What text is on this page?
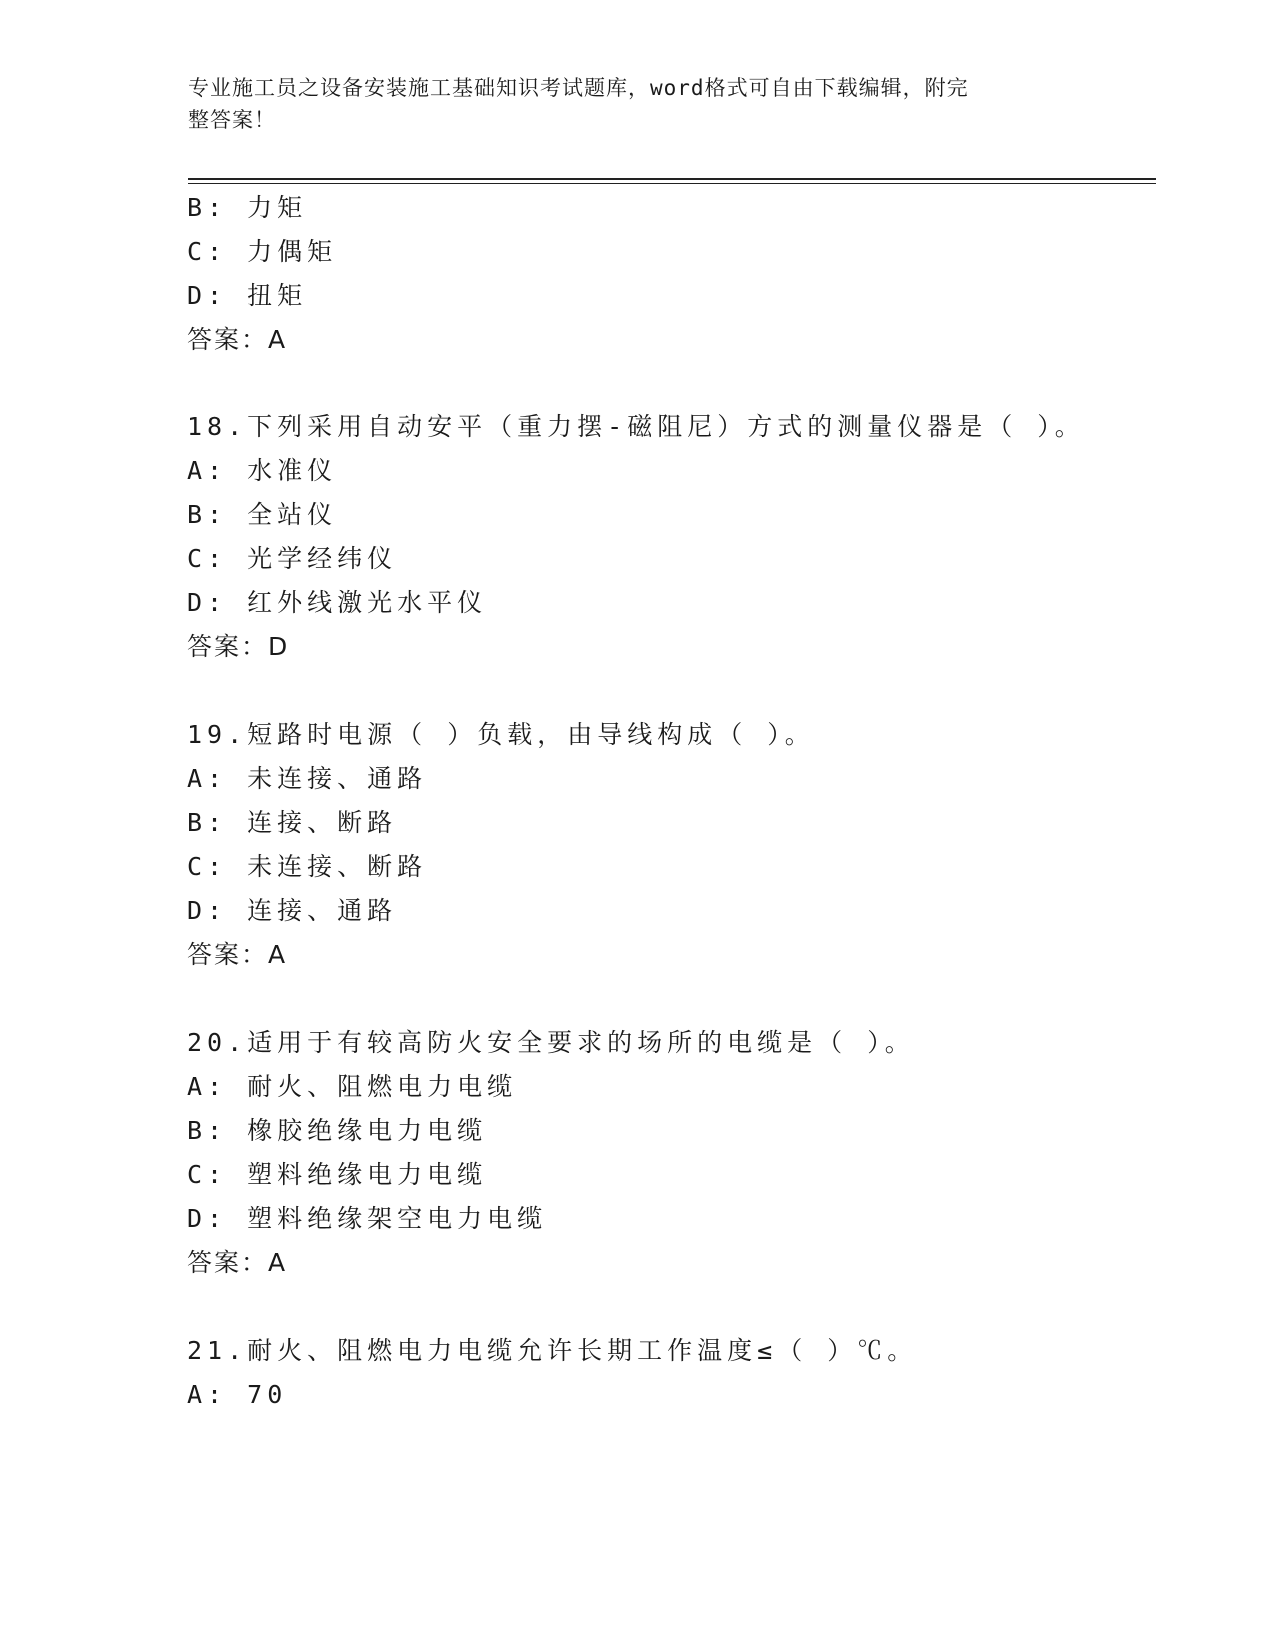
专业施工员之设备安装施工基础知识考试题库，word格式可自由下载编辑，附完
整答案！
B: 力矩
C: 力偶矩
D: 扭矩
答案：A
18.下列采用自动安平（重力摆-磁阻尼）方式的测量仪器是（ ）。
A: 水准仪
B: 全站仪
C: 光学经纬仪
D: 红外线激光水平仪
答案：D
19.短路时电源（ ）负载，由导线构成（ ）。
A: 未连接、通路
B: 连接、断路
C: 未连接、断路
D: 连接、通路
答案：A
20.适用于有较高防火安全要求的场所的电缆是（ ）。
A: 耐火、阻燃电力电缆
B: 橡胶绝缘电力电缆
C: 塑料绝缘电力电缆
D: 塑料绝缘架空电力电缆
答案：A
21.耐火、阻燃电力电缆允许长期工作温度≤（ ）℃。
A: 70
